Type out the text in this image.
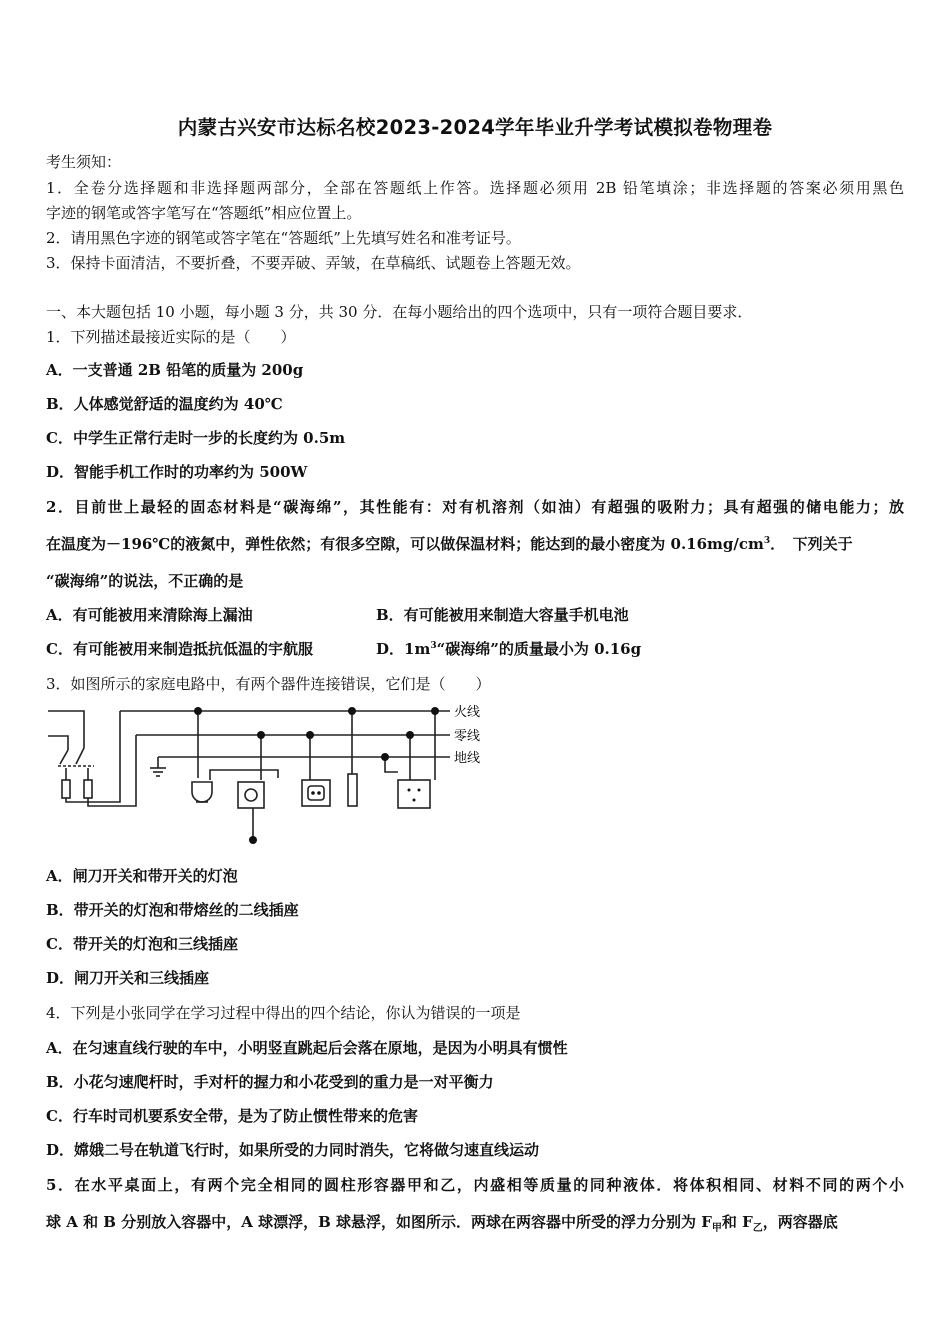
内蒙古兴安市达标名校2023-2024学年毕业升学考试模拟卷物理卷
考生须知：
1．全卷分选择题和非选择题两部分，全部在答题纸上作答。选择题必须用 2B 铅笔填涂；非选择题的答案必须用黑色
字迹的钢笔或答字笔写在“答题纸”相应位置上。
2．请用黑色字迹的钢笔或答字笔在“答题纸”上先填写姓名和准考证号。
3．保持卡面清洁，不要折叠，不要弄破、弄皱，在草稿纸、试题卷上答题无效。
一、本大题包括 10 小题，每小题 3 分，共 30 分．在每小题给出的四个选项中，只有一项符合题目要求．
1．下列描述最接近实际的是（　　）
A．一支普通 2B 铅笔的质量为 200g
B．人体感觉舒适的温度约为 40℃
C．中学生正常行走时一步的长度约为 0.5m
D．智能手机工作时的功率约为 500W
2．目前世上最轻的固态材料是“碳海绵”，其性能有：对有机溶剂（如油）有超强的吸附力；具有超强的储电能力；放
在温度为－196℃的液氮中，弹性依然；有很多空隙，可以做保温材料；能达到的最小密度为 $0.16mg/cm^3$．　下列关于
“碳海绵”的说法，不正确的是
A．有可能被用来清除海上漏油	B．有可能被用来制造大容量手机电池
C．有可能被用来制造抵抗低温的宇航服	D．$1m^3“$碳海绵”的质量最小为 0.16g
3．如图所示的家庭电路中，有两个器件连接错误，它们是（　　）
火线
零线
地线
A．闸刀开关和带开关的灯泡
B．带开关的灯泡和带熔丝的二线插座
C．带开关的灯泡和三线插座
D．闸刀开关和三线插座
4．下列是小张同学在学习过程中得出的四个结论，你认为错误的一项是
A．在匀速直线行驶的车中，小明竖直跳起后会落在原地，是因为小明具有惯性
B．小花匀速爬杆时，手对杆的握力和小花受到的重力是一对平衡力
C．行车时司机要系安全带，是为了防止惯性带来的危害
D．嫦娥二号在轨道飞行时，如果所受的力同时消失，它将做匀速直线运动
5．在水平桌面上，有两个完全相同的圆柱形容器甲和乙，内盛相等质量的同种液体．将体积相同、材料不同的两个小
球 A 和 B 分别放入容器中，A 球漂浮，B 球悬浮，如图所示．两球在两容器中所受的浮力分别为 $F_甲$和 $F_乙$，两容器底
